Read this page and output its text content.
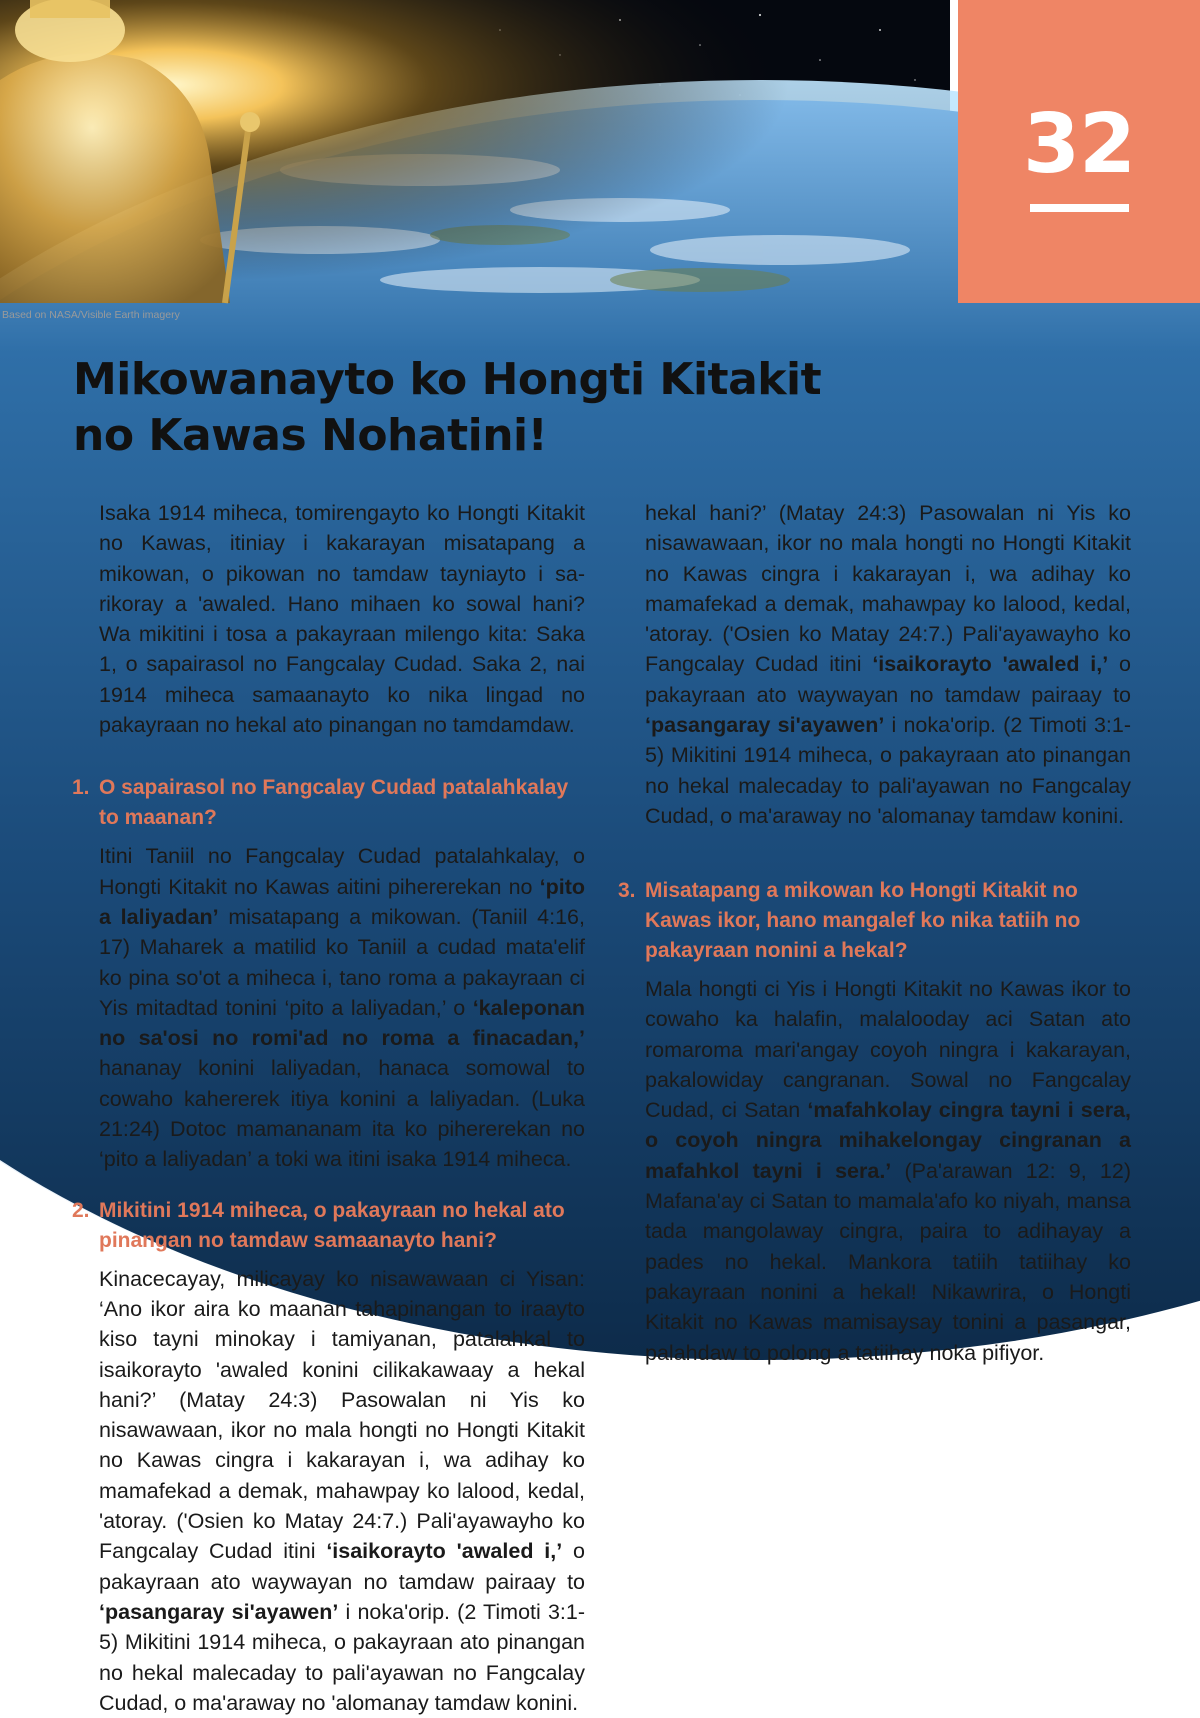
Based on NASA/Visible Earth imagery
32
Mikowanayto ko Hongti Kitakit
no Kawas Nohatini!

Isaka 1914 miheca, tomirengayto ko Hongti Kitakit no Kawas, itiniay i kakarayan misatapang a mikowan, o pikowan no tamdaw tayniayto i sarikoray a 'awaled. Hano mihaen ko sowal hani? Wa mikitini i tosa a pakayraan milengo kita: Saka 1, o sapairasol no Fangcalay Cudad. Saka 2, nai 1914 miheca samaanayto ko nika lingad no pakayraan no hekal ato pinangan no tamdamdaw.

1. O sapairasol no Fangcalay Cudad patalahkalay to maanan?

Itini Taniil no Fangcalay Cudad patalahkalay, o Hongti Kitakit no Kawas aitini pihererekan no ‘pito a laliyadan’ misatapang a mikowan. (Taniil 4:16, 17) Maharek a matilid ko Taniil a cudad mata'elif ko pina so'ot a miheca i, tano roma a pakayraan ci Yis mitadtad tonini ‘pito a laliyadan,’ o ‘kaleponan no sa'osi no romi'ad no roma a finacadan,’ hananay konini laliyadan, hanaca somowal to cowaho kahererek itiya konini a laliyadan. (Luka 21:24) Dotoc mamananam ita ko pihererekan no ‘pito a laliyadan’ a toki wa itini isaka 1914 miheca.

2. Mikitini 1914 miheca, o pakayraan no hekal ato pinangan no tamdaw samaanayto hani?

Kinacecayay, milicayay ko nisawawaan ci Yisan: ‘Ano ikor aira ko maanan tahapinangan to iraayto kiso tayni minokay i tamiyanan, patalahkal to isaikorayto 'awaled konini cilikakawaay a hekal hani?’ (Matay 24:3) Pasowalan ni Yis ko nisawawaan, ikor no mala hongti no Hongti Kitakit no Kawas cingra i kakarayan i, wa adihay ko mamafekad a demak, mahawpay ko lalood, kedal, 'atoray. ('Osien ko Matay 24:7.) Pali'ayawayho ko Fangcalay Cudad itini ‘isaikorayto 'awaled i,’ o pakayraan ato waywayan no tamdaw pairaay to ‘pasangaray si'ayawen’ i noka'orip. (2 Timoti 3:1-5) Mikitini 1914 miheca, o pakayraan ato pinangan no hekal malecaday to pali'ayawan no Fangcalay Cudad, o ma'araway no 'alomanay tamdaw konini.

hekal hani?’ (Matay 24:3) Pasowalan ni Yis ko nisawawaan, ikor no mala hongti no Hongti Kitakit no Kawas cingra i kakarayan i, wa adihay ko mamafekad a demak, mahawpay ko lalood, kedal, 'atoray. ('Osien ko Matay 24:7.) Pali'ayawayho ko Fangcalay Cudad itini ‘isaikorayto 'awaled i,’ o pakayraan ato waywayan no tamdaw pairaay to ‘pasangaray si'ayawen’ i noka'orip. (2 Timoti 3:1-5) Mikitini 1914 miheca, o pakayraan ato pinangan no hekal malecaday to pali'ayawan no Fangcalay Cudad, o ma'araway no 'alomanay tamdaw konini.

3. Misatapang a mikowan ko Hongti Kitakit no Kawas ikor, hano mangalef ko nika tatiih no pakayraan nonini a hekal?

Mala hongti ci Yis i Hongti Kitakit no Kawas ikor to cowaho ka halafin, malalooday aci Satan ato romaroma mari'angay coyoh ningra i kakarayan, pakalowiday cangranan. Sowal no Fangcalay Cudad, ci Satan ‘mafahkolay cingra tayni i sera, o coyoh ningra mihakelongay cingranan a mafahkol tayni i sera.’ (Pa'arawan 12: 9, 12) Mafana'ay ci Satan to mamala'afo ko niyah, mansa tada mangolaway cingra, paira to adihayay a pades no hekal. Mankora tatiih tatiihay ko pakayraan nonini a hekal! Nikawrira, o Hongti Kitakit no Kawas mamisaysay tonini a pasangar, palahdaw to polong a tatiihay noka pifiyor.
